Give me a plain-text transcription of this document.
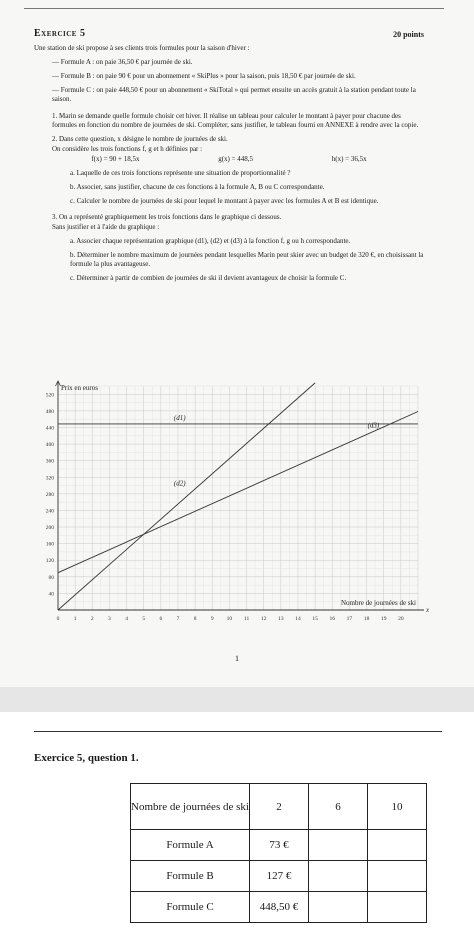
Exercice 5	20 points

Une station de ski propose à ses clients trois formules pour la saison d'hiver :

— Formule A : on paie 36,50 € par journée de ski.

— Formule B : on paie 90 € pour un abonnement « SkiPlus » pour la saison, puis 18,50 € par journée de ski.

— Formule C : on paie 448,50 € pour un abonnement « SkiTotal » qui permet ensuite un accès gratuit à la station pendant toute la saison.

1. Marin se demande quelle formule choisir cet hiver. Il réalise un tableau pour calculer le montant à payer pour chacune des formules en fonction du nombre de journées de ski. Compléter, sans justifier, le tableau fourni en ANNEXE à rendre avec la copie.

2. Dans cette question, x désigne le nombre de journées de ski.

On considère les trois fonctions f, g et h définies par :

f(x) = 90 + 18,5x	g(x) = 448,5	h(x) = 36,5x

a. Laquelle de ces trois fonctions représente une situation de proportionnalité ?

b. Associer, sans justifier, chacune de ces fonctions à la formule A, B ou C correspondante.

c. Calculer le nombre de journées de ski pour lequel le montant à payer avec les formules A et B est identique.

3. On a représenté graphiquement les trois fonctions dans le graphique ci dessous.

Sans justifier et à l'aide du graphique :

a. Associer chaque représentation graphique (d1), (d2) et (d3) à la fonction f, g ou h correspondante.

b. Déterminer le nombre maximum de journées pendant lesquelles Marin peut skier avec un budget de 320 €, en choisissant la formule la plus avantageuse.

c. Déterminer à partir de combien de journées de ski il devient avantageux de choisir la formule C.

0	1	2	3	4	5	6	7	8	9 10 11 12 13 14 15 16 17 18 19 20
40
80
120
160
200
240
280
320
360
400
440
480
520
x
Prix en euros
Nombre de journées de ski
(d1)
(d2)
(d3)
1
Exercice 5, question 1.
Nombre de journées de ski	2	6	10
Formule A	73 €		
Formule B	127 €		
Formule C	448,50 €		
